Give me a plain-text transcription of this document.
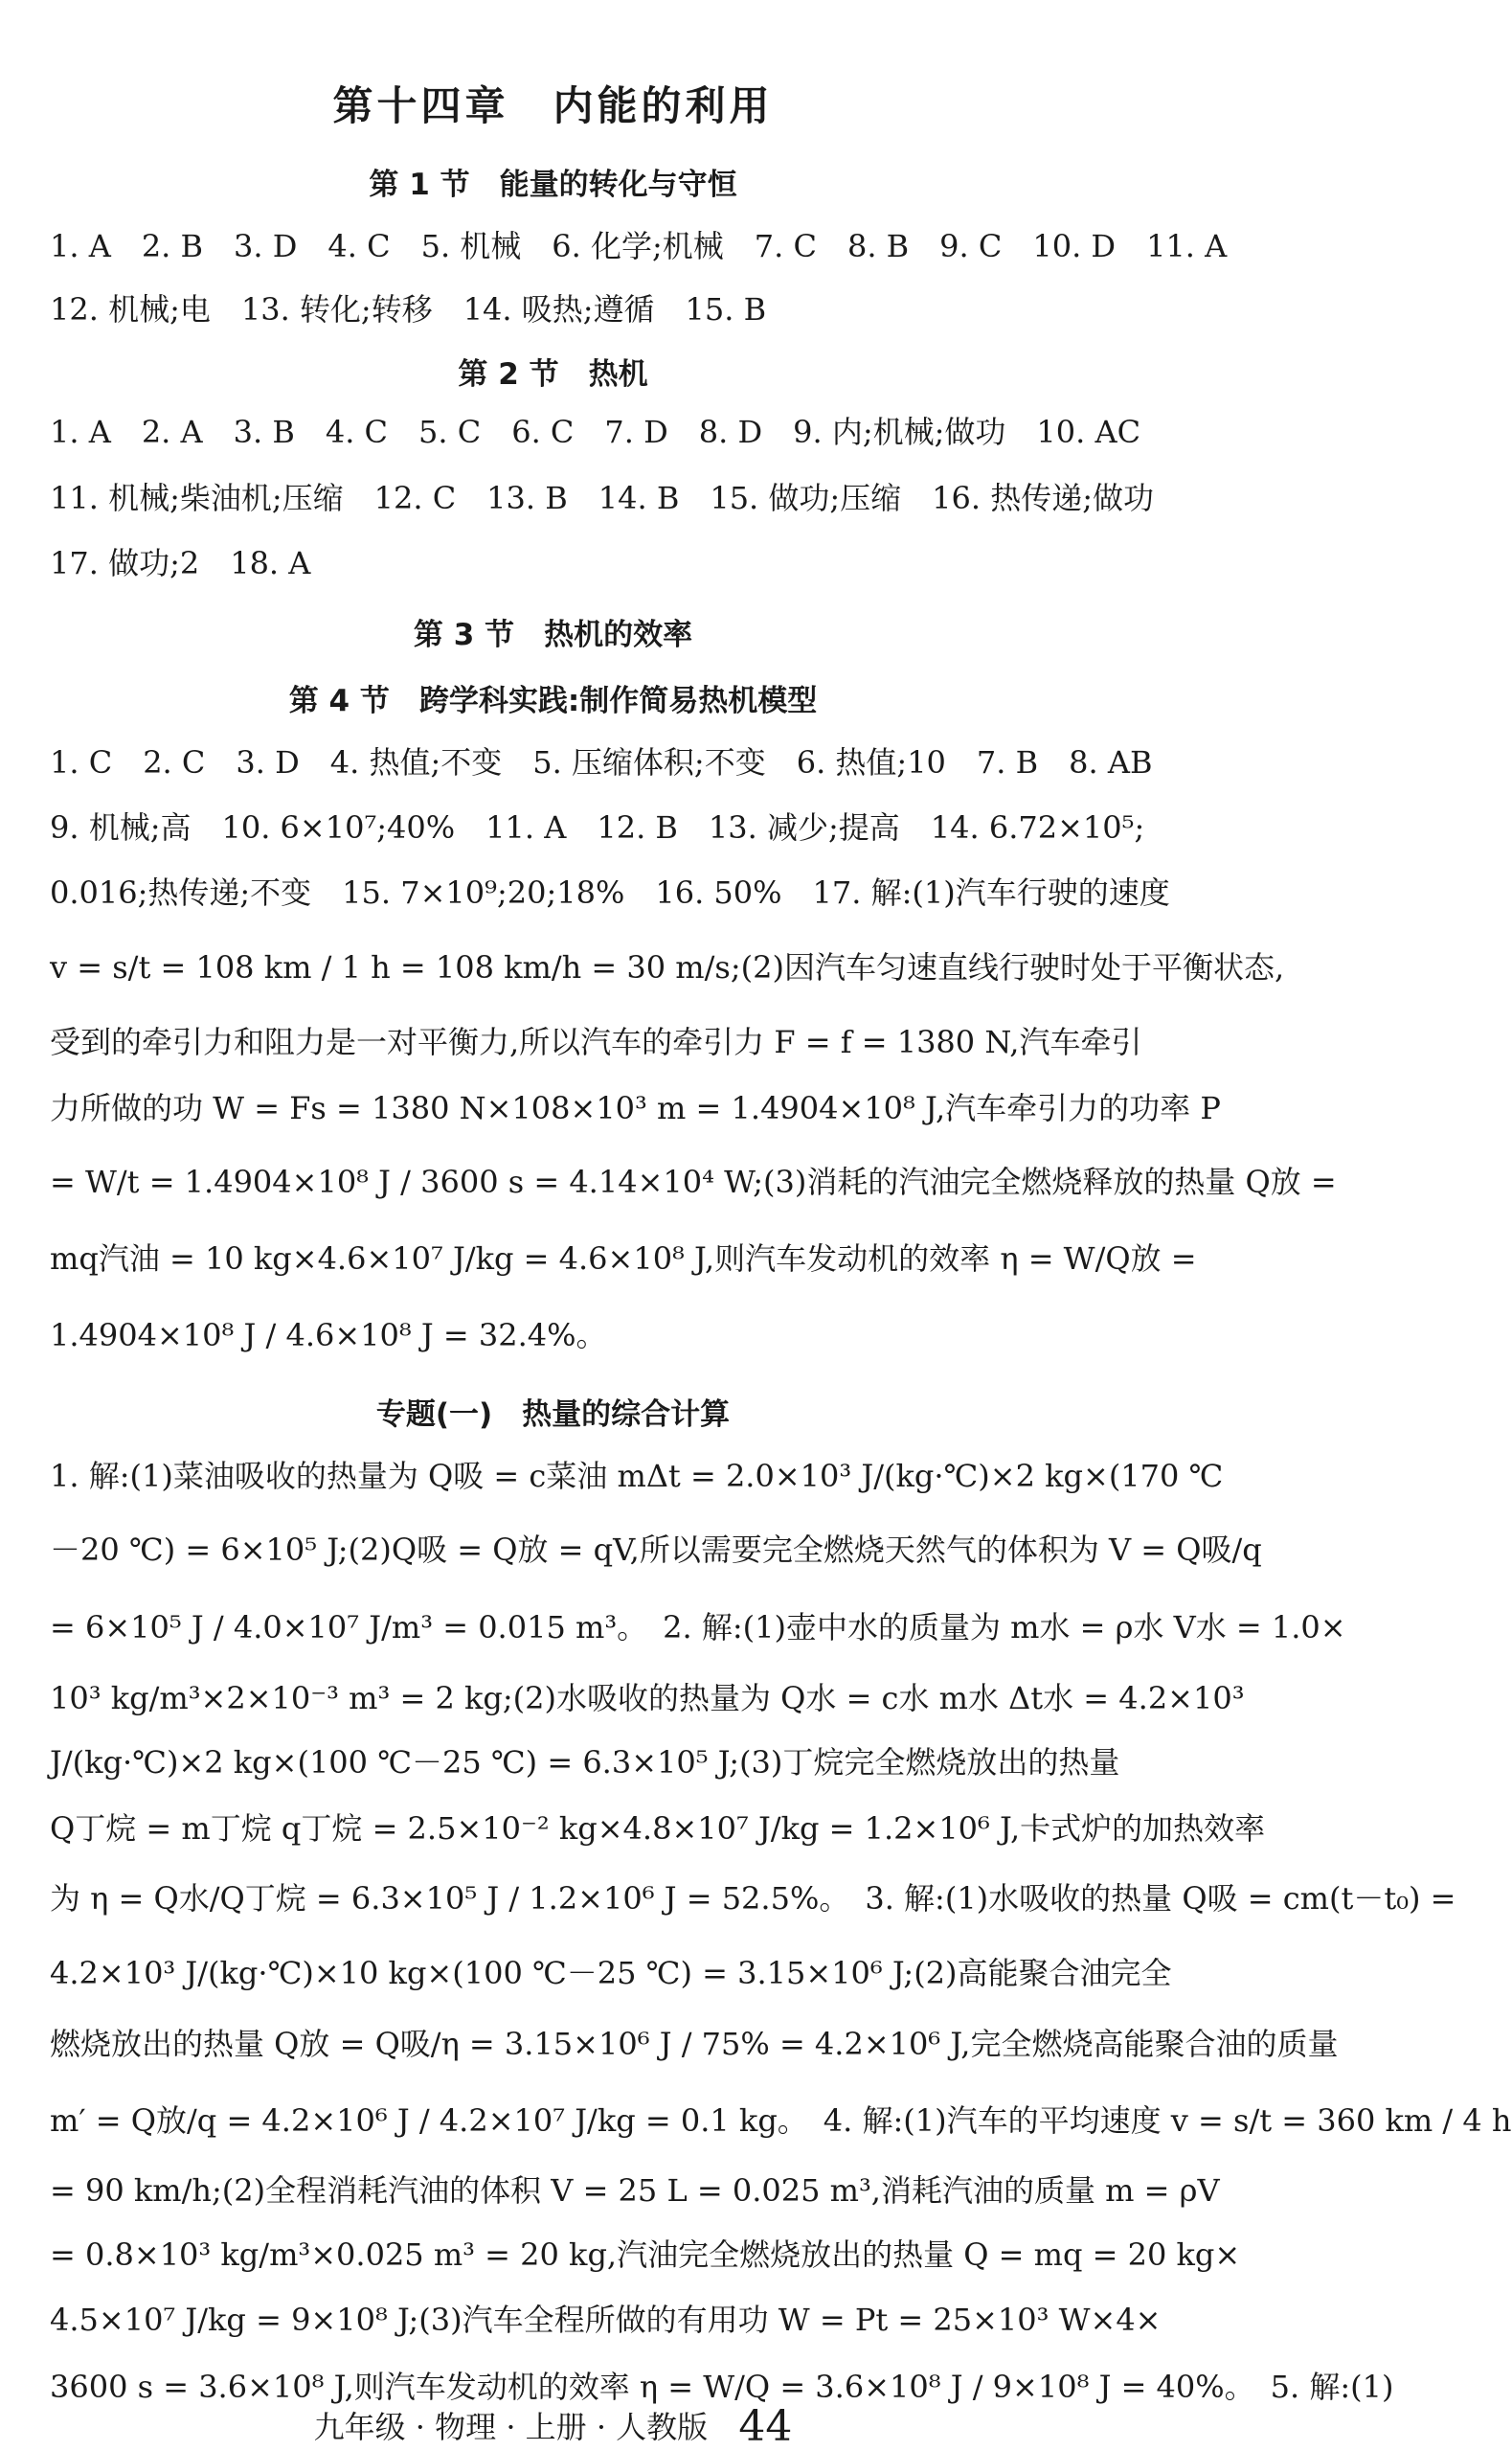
第十四章　内能的利用
第 1 节　能量的转化与守恒
1. A　2. B　3. D　4. C　5. 机械　6. 化学;机械　7. C　8. B　9. C　10. D　11. A
12. 机械;电　13. 转化;转移　14. 吸热;遵循　15. B
第 2 节　热机
1. A　2. A　3. B　4. C　5. C　6. C　7. D　8. D　9. 内;机械;做功　10. AC
11. 机械;柴油机;压缩　12. C　13. B　14. B　15. 做功;压缩　16. 热传递;做功
17. 做功;2　18. A
第 3 节　热机的效率
第 4 节　跨学科实践:制作简易热机模型
1. C　2. C　3. D　4. 热值;不变　5. 压缩体积;不变　6. 热值;10　7. B　8. AB
9. 机械;高　10. 6×10⁷;40%　11. A　12. B　13. 减少;提高　14. 6.72×10⁵;
0.016;热传递;不变　15. 7×10⁹;20;18%　16. 50%　17. 解:(1)汽车行驶的速度
v = s/t = 108 km / 1 h = 108 km/h = 30 m/s;(2)因汽车匀速直线行驶时处于平衡状态,
受到的牵引力和阻力是一对平衡力,所以汽车的牵引力 F = f = 1380 N,汽车牵引
力所做的功 W = Fs = 1380 N×108×10³ m = 1.4904×10⁸ J,汽车牵引力的功率 P
= W/t = 1.4904×10⁸ J / 3600 s = 4.14×10⁴ W;(3)消耗的汽油完全燃烧释放的热量 Q放 =
mq汽油 = 10 kg×4.6×10⁷ J/kg = 4.6×10⁸ J,则汽车发动机的效率 η = W/Q放 =
1.4904×10⁸ J / 4.6×10⁸ J = 32.4%。
专题(一)　热量的综合计算
1. 解:(1)菜油吸收的热量为 Q吸 = c菜油 mΔt = 2.0×10³ J/(kg·℃)×2 kg×(170 ℃
－20 ℃) = 6×10⁵ J;(2)Q吸 = Q放 = qV,所以需要完全燃烧天然气的体积为 V = Q吸/q
= 6×10⁵ J / 4.0×10⁷ J/m³ = 0.015 m³。　2. 解:(1)壶中水的质量为 m水 = ρ水 V水 = 1.0×
10³ kg/m³×2×10⁻³ m³ = 2 kg;(2)水吸收的热量为 Q水 = c水 m水 Δt水 = 4.2×10³
J/(kg·℃)×2 kg×(100 ℃－25 ℃) = 6.3×10⁵ J;(3)丁烷完全燃烧放出的热量
Q丁烷 = m丁烷 q丁烷 = 2.5×10⁻² kg×4.8×10⁷ J/kg = 1.2×10⁶ J,卡式炉的加热效率
为 η = Q水/Q丁烷 = 6.3×10⁵ J / 1.2×10⁶ J = 52.5%。　3. 解:(1)水吸收的热量 Q吸 = cm(t－t₀) =
4.2×10³ J/(kg·℃)×10 kg×(100 ℃－25 ℃) = 3.15×10⁶ J;(2)高能聚合油完全
燃烧放出的热量 Q放 = Q吸/η = 3.15×10⁶ J / 75% = 4.2×10⁶ J,完全燃烧高能聚合油的质量
m′ = Q放/q = 4.2×10⁶ J / 4.2×10⁷ J/kg = 0.1 kg。　4. 解:(1)汽车的平均速度 v = s/t = 360 km / 4 h
= 90 km/h;(2)全程消耗汽油的体积 V = 25 L = 0.025 m³,消耗汽油的质量 m = ρV
= 0.8×10³ kg/m³×0.025 m³ = 20 kg,汽油完全燃烧放出的热量 Q = mq = 20 kg×
4.5×10⁷ J/kg = 9×10⁸ J;(3)汽车全程所做的有用功 W = Pt = 25×10³ W×4×
3600 s = 3.6×10⁸ J,则汽车发动机的效率 η = W/Q = 3.6×10⁸ J / 9×10⁸ J = 40%。　5. 解:(1)
九年级 · 物理 · 上册 · 人教版 44
